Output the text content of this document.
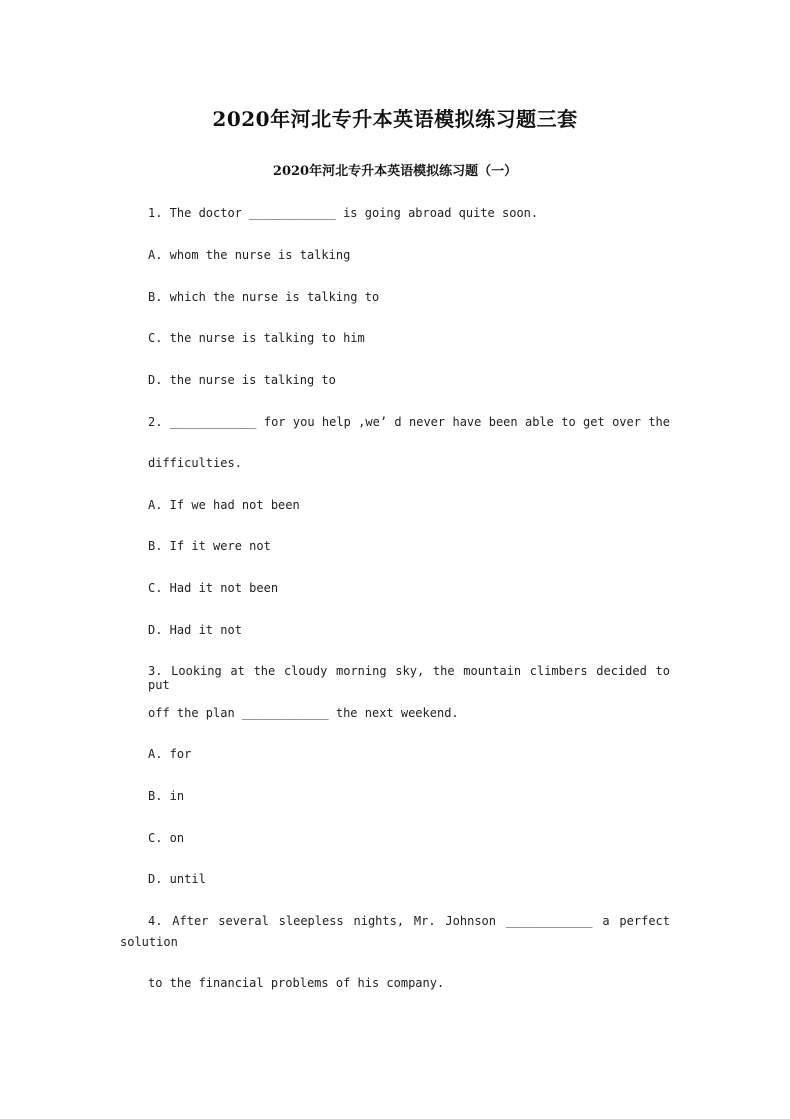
2020年河北专升本英语模拟练习题三套
2020年河北专升本英语模拟练习题（一）
1. The doctor ____________ is going abroad quite soon.
A. whom the nurse is talking
B. which the nurse is talking to
C. the nurse is talking to him
D. the nurse is talking to
2. ____________ for you help ,we’ d never have been able to get over the
difficulties.
A. If we had not been
B. If it were not
C. Had it not been
D. Had it not
3. Looking at the cloudy morning sky, the mountain climbers decided to put
off the plan ____________ the next weekend.
A. for
B. in
C. on
D. until
4. After several sleepless nights, Mr. Johnson ____________ a perfect
solution
to the financial problems of his company.
